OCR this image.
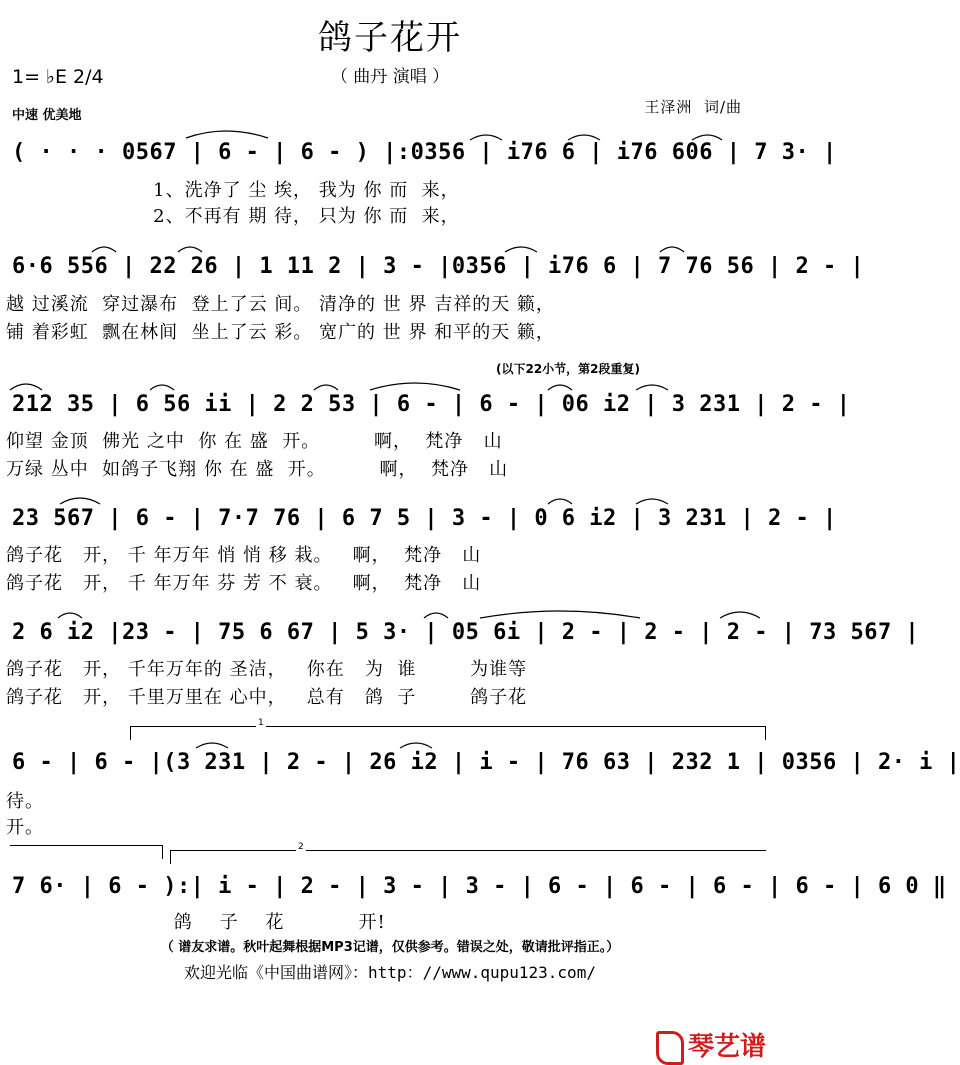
鸽子花开
（ 曲丹 演唱 ）
1= ♭E 2/4
中速 优美地	王泽洲  词/曲
( · · · 0567 | 6 - | 6 - ) |:0356 | i76 6 | i76 606 | 7 3· |
1、洗净了 尘 埃， 我为 你 而  来，
2、不再有 期 待， 只为 你 而  来，
6·6 556 | 22 26 | 1 11 2 | 3 - |0356 | i76 6 | 7 76 56 | 2 - |
越 过溪流  穿过瀑布  登上了云 间。 清净的 世 界 吉祥的天 籁，
铺 着彩虹  飘在林间  坐上了云 彩。 宽广的 世 界 和平的天 籁，
(以下22小节，第2段重复)
212 35 | 6 56 ii | 2 2 53 | 6 - | 6 - | 06 i2 | 3 231 | 2 - |
仰望 金顶  佛光 之中  你 在 盛  开。        啊，  梵净   山
万绿 丛中  如鸽子飞翔 你 在 盛  开。        啊，  梵净   山
23 567 | 6 - | 7·7 76 | 6 7 5 | 3 - | 0 6 i2 | 3 231 | 2 - |
鸽子花   开， 千 年万年 悄 悄 移 栽。   啊，  梵净   山
鸽子花   开， 千 年万年 芬 芳 不 衰。   啊，  梵净   山
2 6 i2 |23 - | 75 6 67 | 5 3· | 05 6i | 2 - | 2 - | 2 - | 73 567 |
鸽子花   开， 千年万年的 圣洁，   你在   为  谁        为谁等
鸽子花   开， 千里万里在 心中，   总有   鸽  子        鸽子花
1
6 - | 6 - |(3 231 | 2 - | 26 i2 | i - | 76 63 | 232 1 | 0356 | 2· i |
待。
开。
2
7 6· | 6 - ):| i - | 2 - | 3 - | 3 - | 6 - | 6 - | 6 - | 6 - | 6 0 ‖
鸽    子    花           开!
（ 谱友求谱。秋叶起舞根据MP3记谱，仅供参考。错误之处，敬请批评指正。）
欢迎光临《中国曲谱网》：http：//www.qupu123.com/

琴艺谱
